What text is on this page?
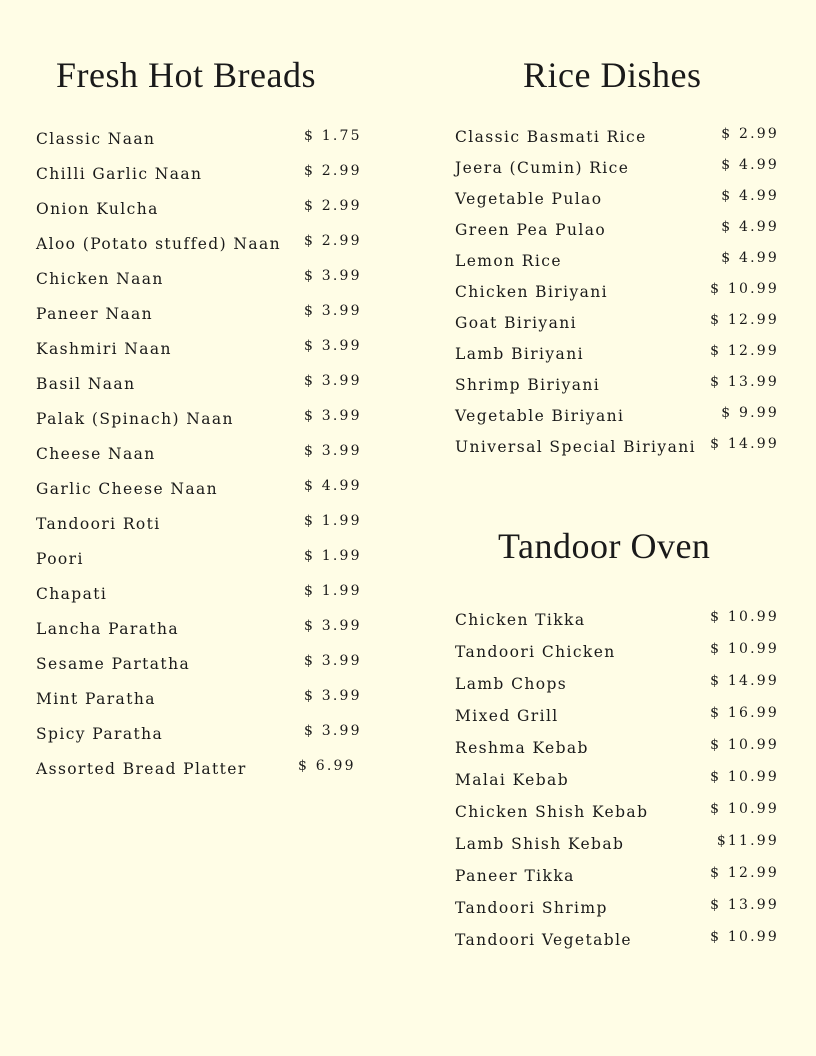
Fresh Hot Breads
Classic Naan	$ 1.75
Chilli Garlic Naan	$ 2.99
Onion Kulcha	$ 2.99
Aloo (Potato stuffed) Naan $ 2.99
Chicken Naan	$ 3.99
Paneer Naan	$ 3.99
Kashmiri Naan	$ 3.99
Basil Naan	$ 3.99
Palak (Spinach) Naan	$ 3.99
Cheese Naan	$ 3.99
Garlic Cheese Naan	$ 4.99
Tandoori Roti	$ 1.99
Poori	$ 1.99
Chapati	$ 1.99
Lancha Paratha	$ 3.99
Sesame Partatha	$ 3.99
Mint Paratha	$ 3.99
Spicy Paratha	$ 3.99
Assorted Bread Platter	$ 6.99
Rice Dishes
Classic Basmati Rice	$ 2.99
Jeera (Cumin) Rice	$ 4.99
Vegetable Pulao	$ 4.99
Green Pea Pulao	$ 4.99
Lemon Rice	$ 4.99
Chicken Biriyani	$ 10.99
Goat Biriyani	$ 12.99
Lamb Biriyani	$ 12.99
Shrimp Biriyani	$ 13.99
Vegetable Biriyani	$ 9.99
Universal Special Biriyani $ 14.99
Tandoor Oven
Chicken Tikka	$ 10.99
Tandoori Chicken	$ 10.99
Lamb Chops	$ 14.99
Mixed Grill	$ 16.99
Reshma Kebab	$ 10.99
Malai Kebab	$ 10.99
Chicken Shish Kebab	$ 10.99
Lamb Shish Kebab	$11.99
Paneer Tikka	$ 12.99
Tandoori Shrimp	$ 13.99
Tandoori Vegetable	$ 10.99
